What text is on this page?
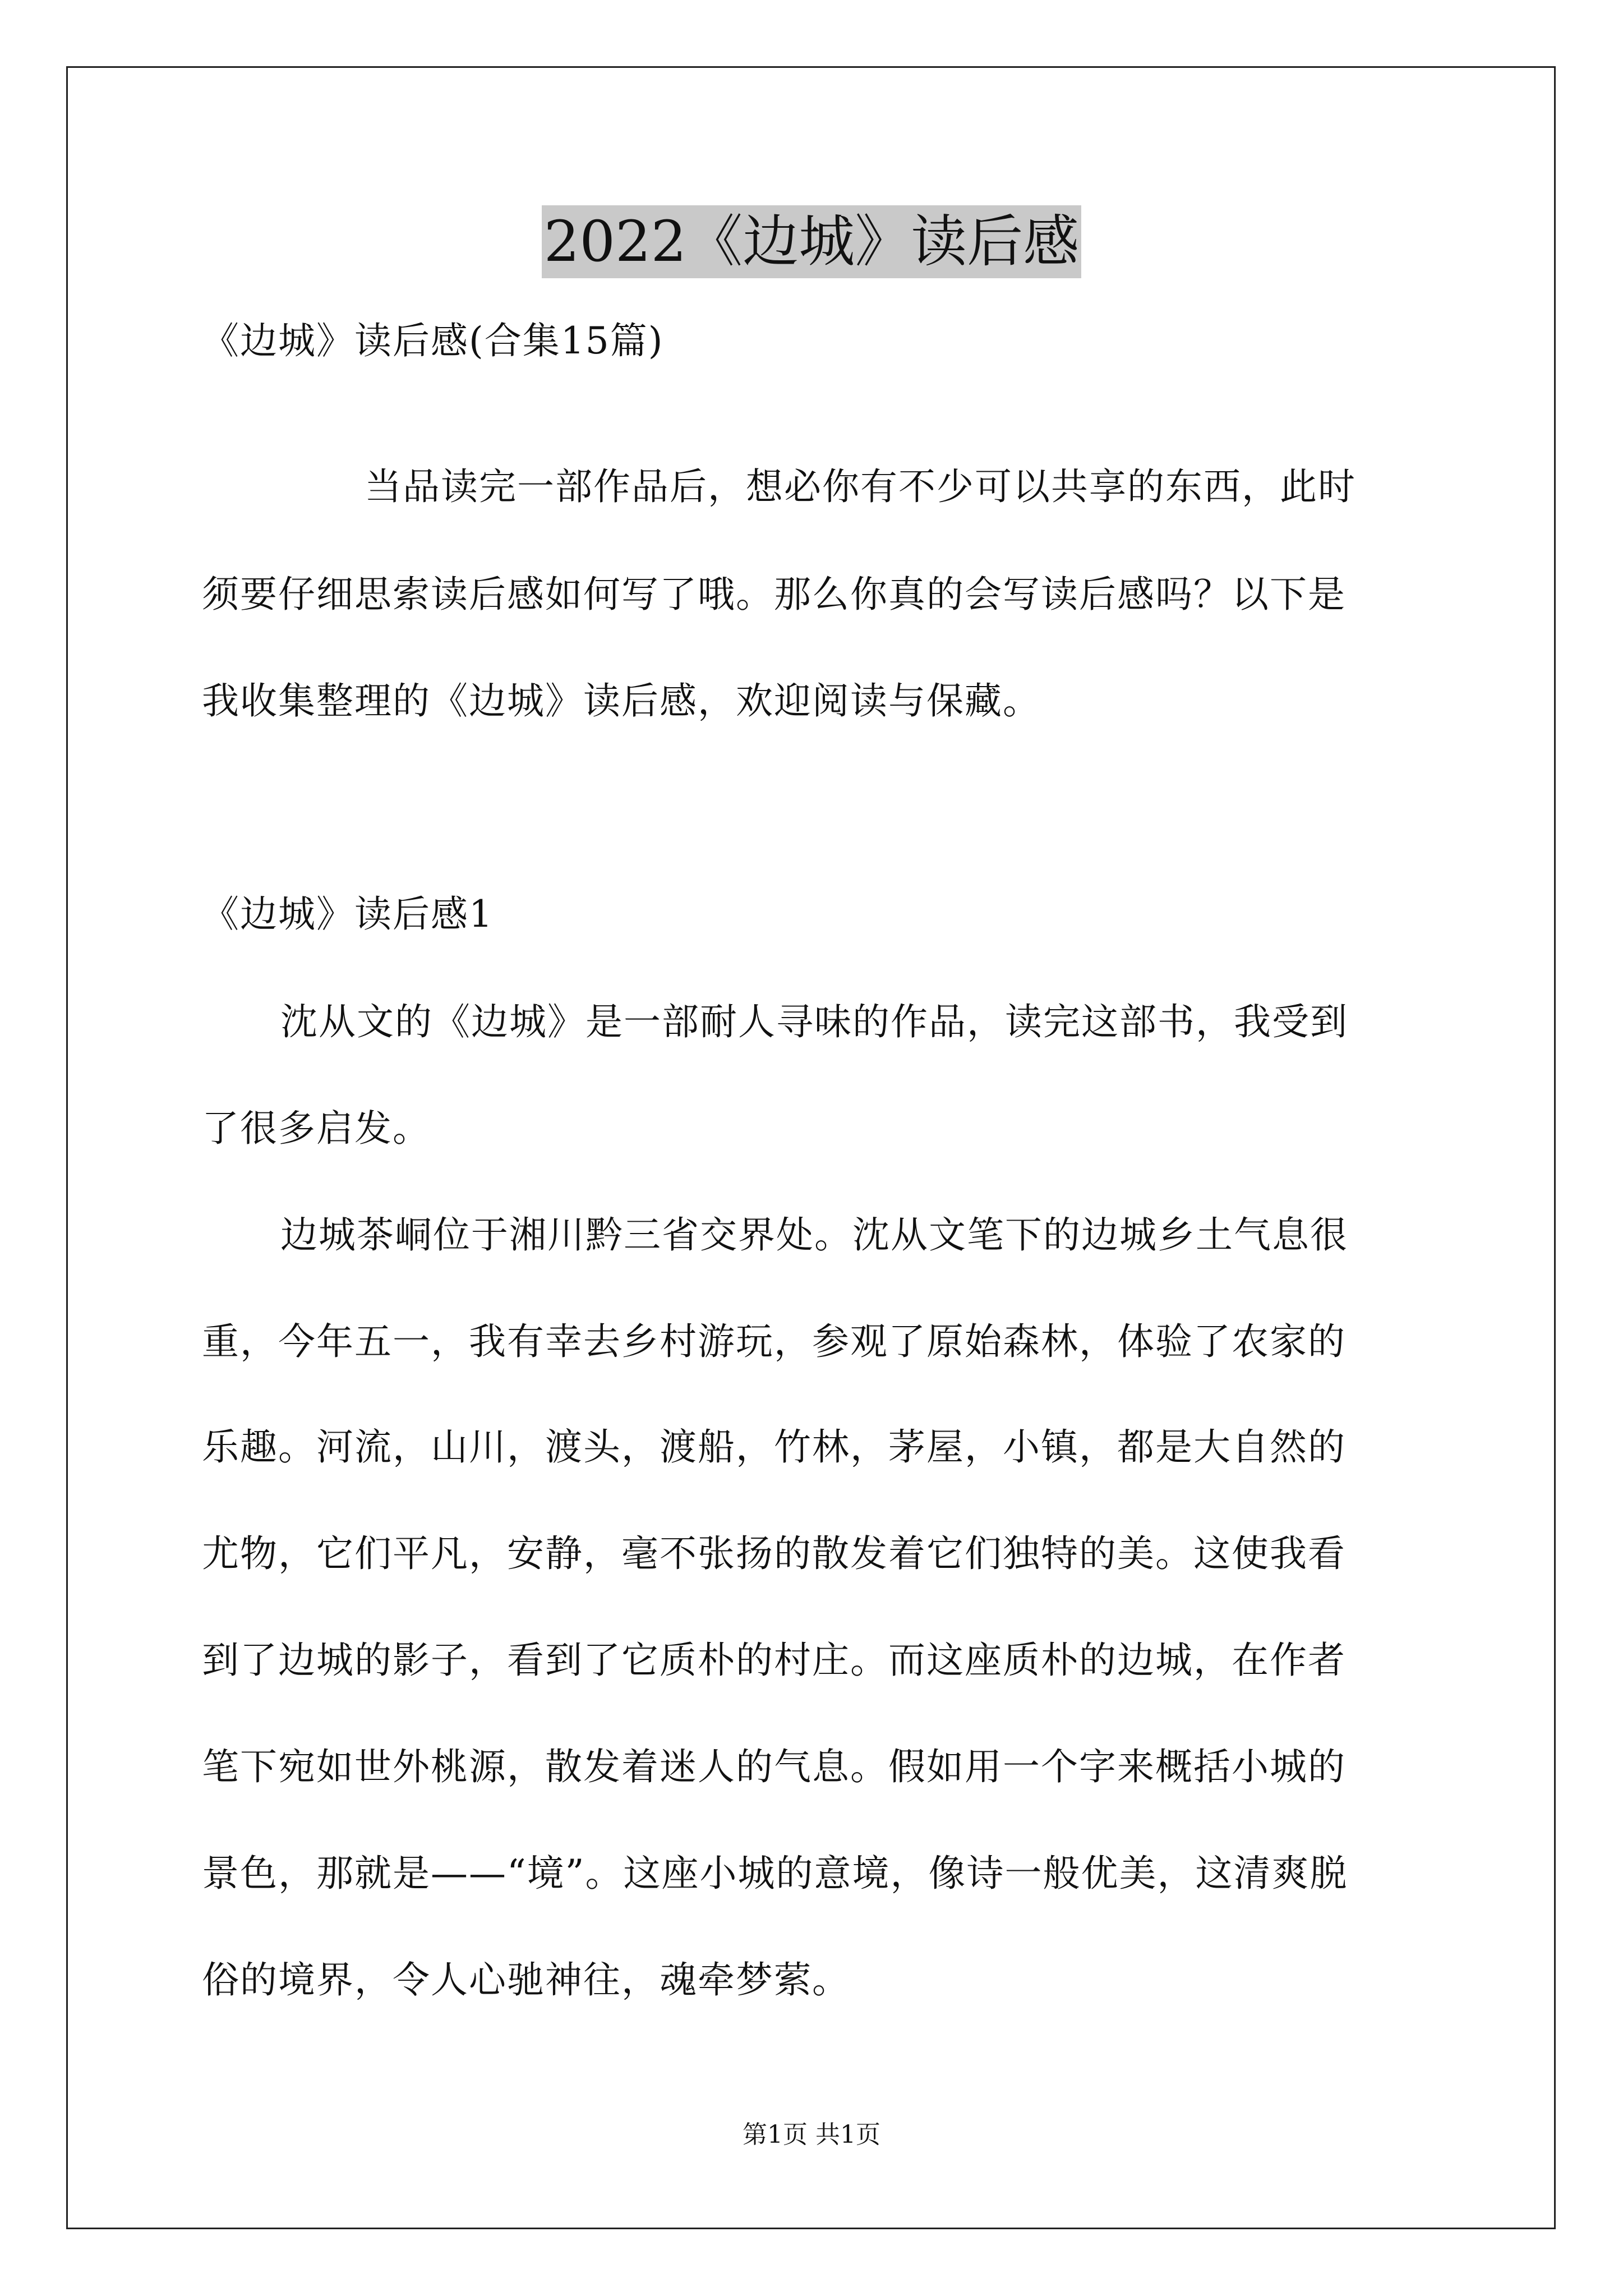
2022《边城》读后感
《边城》读后感(合集15篇)
当品读完一部作品后，想必你有不少可以共享的东西，此时
须要仔细思索读后感如何写了哦。那么你真的会写读后感吗？以下是
我收集整理的《边城》读后感，欢迎阅读与保藏。
《边城》读后感1
沈从文的《边城》是一部耐人寻味的作品，读完这部书，我受到
了很多启发。
边城茶峒位于湘川黔三省交界处。沈从文笔下的边城乡土气息很
重，今年五一，我有幸去乡村游玩，参观了原始森林，体验了农家的
乐趣。河流，山川，渡头，渡船，竹林，茅屋，小镇，都是大自然的
尤物，它们平凡，安静，毫不张扬的散发着它们独特的美。这使我看
到了边城的影子，看到了它质朴的村庄。而这座质朴的边城，在作者
笔下宛如世外桃源，散发着迷人的气息。假如用一个字来概括小城的
景色，那就是——“境”。这座小城的意境，像诗一般优美，这清爽脱
俗的境界，令人心驰神往，魂牵梦萦。
第1页 共1页
